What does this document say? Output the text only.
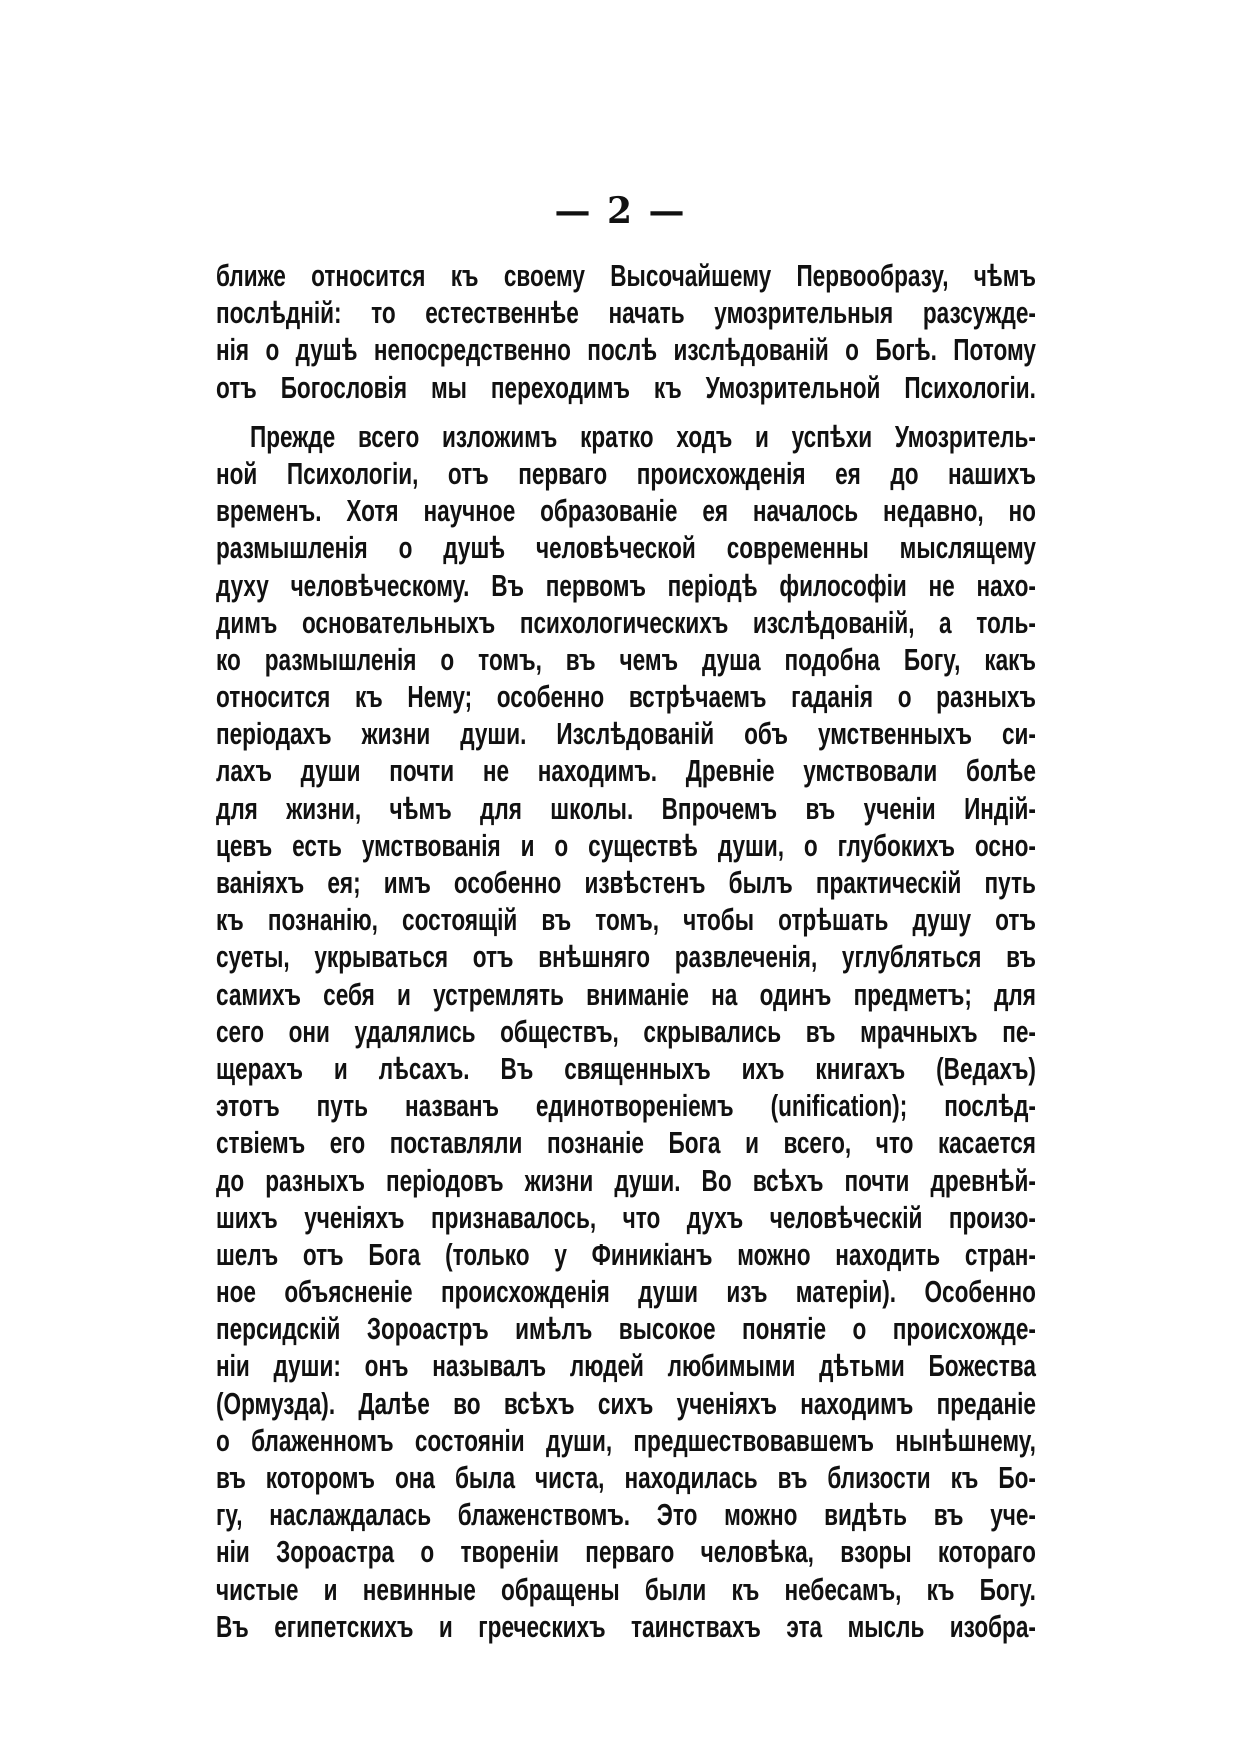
— 2 —
ближе относится къ своему Высочайшему Первообразу, чѣмъ
послѣдній: то естественнѣе начать умозрительныя разсужде-
нія о душѣ непосредственно послѣ изслѣдованій о Богѣ. Потому
отъ Богословія мы переходимъ къ Умозрительной Психологіи.
Прежде всего изложимъ кратко ходъ и успѣхи Умозритель-
ной Психологіи, отъ перваго происхожденія ея до нашихъ
временъ. Хотя научное образованіе ея началось недавно, но
размышленія о душѣ человѣческой современны мыслящему
духу человѣческому. Въ первомъ періодѣ философіи не нахо-
димъ основательныхъ психологическихъ изслѣдованій, а толь-
ко размышленія о томъ, въ чемъ душа подобна Богу, какъ
относится къ Нему; особенно встрѣчаемъ гаданія о разныхъ
періодахъ жизни души. Изслѣдованій объ умственныхъ си-
лахъ души почти не находимъ. Древніе умствовали болѣе
для жизни, чѣмъ для школы. Впрочемъ въ ученіи Индій-
цевъ есть умствованія и о существѣ души, о глубокихъ осно-
ваніяхъ ея; имъ особенно извѣстенъ былъ практическій путь
къ познанію, состоящій въ томъ, чтобы отрѣшать душу отъ
суеты, укрываться отъ внѣшняго развлеченія, углубляться въ
самихъ себя и устремлять вниманіе на одинъ предметъ; для
сего они удалялись обществъ, скрывались въ мрачныхъ пе-
щерахъ и лѣсахъ. Въ священныхъ ихъ книгахъ (Ведахъ)
этотъ путь названъ единотвореніемъ (unification); послѣд-
ствіемъ его поставляли познаніе Бога и всего, что касается
до разныхъ періодовъ жизни души. Во всѣхъ почти древнѣй-
шихъ ученіяхъ признавалось, что духъ человѣческій произо-
шелъ отъ Бога (только у Финикіанъ можно находить стран-
ное объясненіе происхожденія души изъ матеріи). Особенно
персидскій Зороастръ имѣлъ высокое понятіе о происхожде-
ніи души: онъ называлъ людей любимыми дѣтьми Божества
(Ормузда). Далѣе во всѣхъ сихъ ученіяхъ находимъ преданіе
о блаженномъ состояніи души, предшествовавшемъ нынѣшнему,
въ которомъ она была чиста, находилась въ близости къ Бо-
гу, наслаждалась блаженствомъ. Это можно видѣть въ уче-
ніи Зороастра о твореніи перваго человѣка, взоры котораго
чистые и невинные обращены были къ небесамъ, къ Богу.
Въ египетскихъ и греческихъ таинствахъ эта мысль изобра-
